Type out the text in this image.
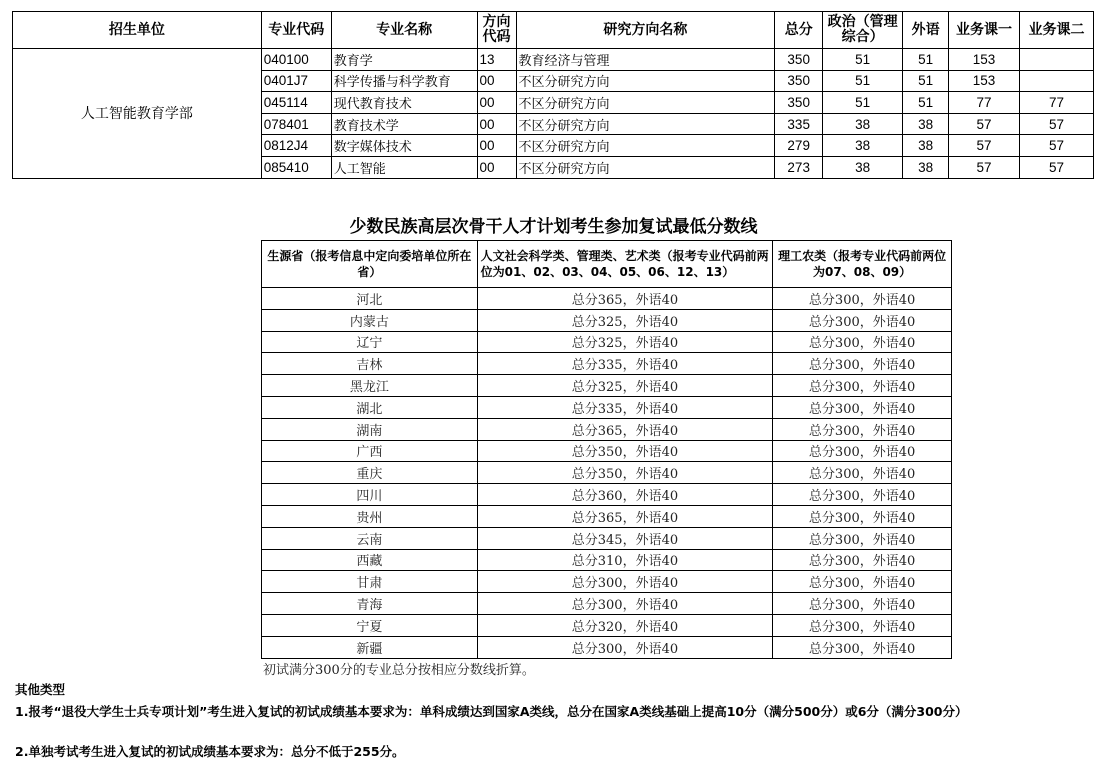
招生单位	专业代码	专业名称	方向代码	研究方向名称	总分	政治（管理综合）	外语	业务课一	业务课二
人工智能教育学部	040100	教育学	13	教育经济与管理	350	51	51	153	
	0401J7	科学传播与科学教育	00	不区分研究方向	350	51	51	153	
	045114	现代教育技术	00	不区分研究方向	350	51	51	77	77
	078401	教育技术学	00	不区分研究方向	335	38	38	57	57
	0812J4	数字媒体技术	00	不区分研究方向	279	38	38	57	57
	085410	人工智能	00	不区分研究方向	273	38	38	57	57
少数民族高层次骨干人才计划考生参加复试最低分数线
生源省（报考信息中定向委培单位所在省）	人文社会科学类、管理类、艺术类（报考专业代码前两位为01、02、03、04、05、06、12、13）	理工农类（报考专业代码前两位为07、08、09）
河北	总分365，外语40	总分300，外语40
内蒙古	总分325，外语40	总分300，外语40
辽宁	总分325，外语40	总分300，外语40
吉林	总分335，外语40	总分300，外语40
黑龙江	总分325，外语40	总分300，外语40
湖北	总分335，外语40	总分300，外语40
湖南	总分365，外语40	总分300，外语40
广西	总分350，外语40	总分300，外语40
重庆	总分350，外语40	总分300，外语40
四川	总分360，外语40	总分300，外语40
贵州	总分365，外语40	总分300，外语40
云南	总分345，外语40	总分300，外语40
西藏	总分310，外语40	总分300，外语40
甘肃	总分300，外语40	总分300，外语40
青海	总分300，外语40	总分300，外语40
宁夏	总分320，外语40	总分300，外语40
新疆	总分300，外语40	总分300，外语40
初试满分300分的专业总分按相应分数线折算。
其他类型
1.报考“退役大学生士兵专项计划”考生进入复试的初试成绩基本要求为：单科成绩达到国家A类线，总分在国家A类线基础上提高10分（满分500分）或6分（满分300分）
2.单独考试考生进入复试的初试成绩基本要求为：总分不低于255分。
